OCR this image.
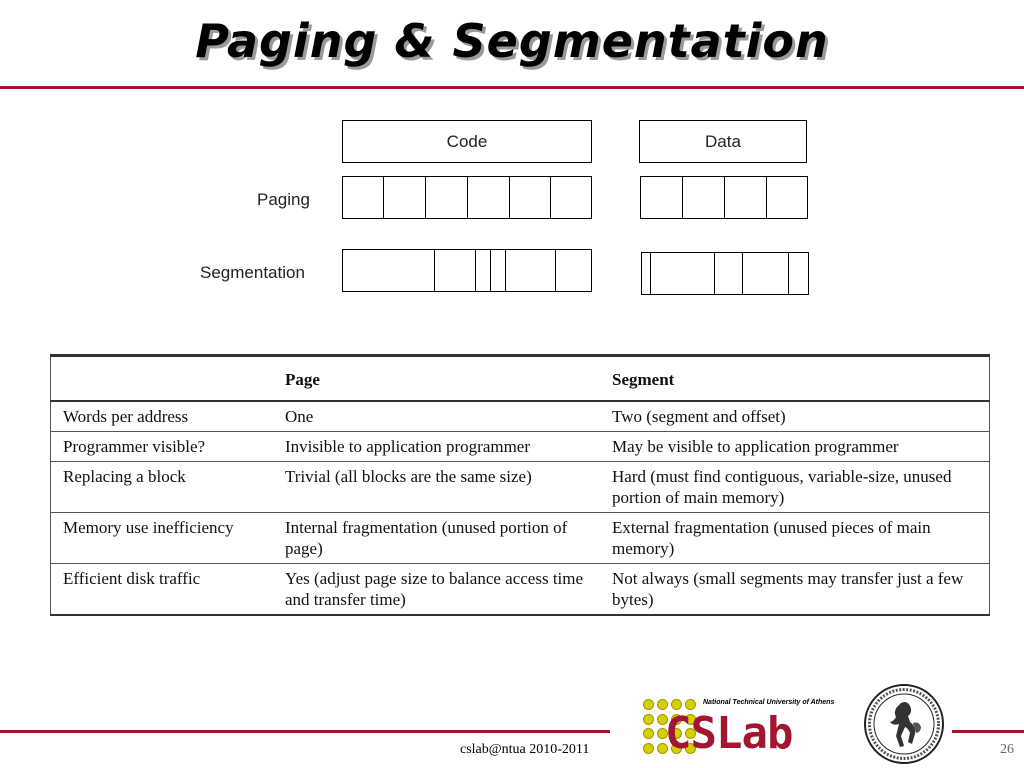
Paging & Segmentation
Code	Data
Paging
Segmentation
	Page	Segment
Words per address	One	Two (segment and offset)
Programmer visible?	Invisible to application programmer	May be visible to application programmer
Replacing a block	Trivial (all blocks are the same size)	Hard (must find contiguous, variable-size, unused portion of main memory)
Memory use inefficiency	Internal fragmentation (unused portion of page)	External fragmentation (unused pieces of main memory)
Efficient disk traffic	Yes (adjust page size to balance access time and transfer time)	Not always (small segments may transfer just a few bytes)
cslab@ntua 2010-2011	26
National Technical University of Athens
CSLab
